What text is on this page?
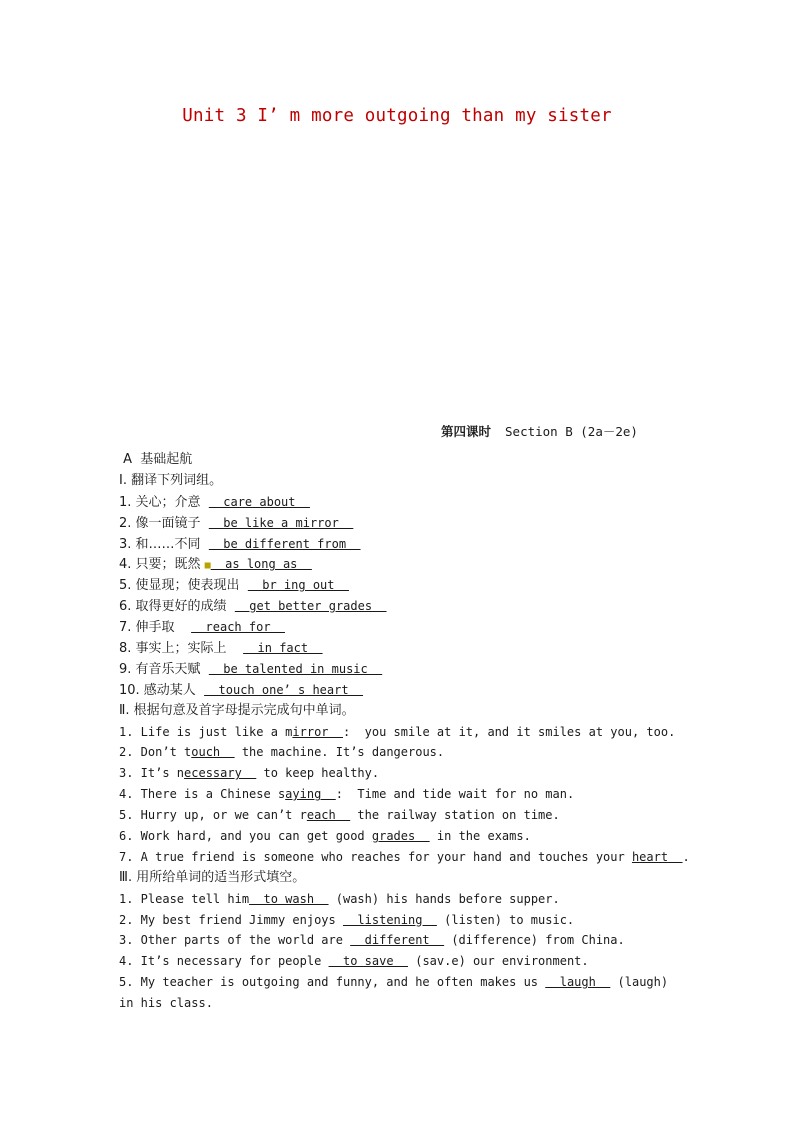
Unit 3 I’ m more outgoing than my sister
第四课时 Section B (2a－2e)
A  基础起航
Ⅰ. 翻译下列词组。
1. 关心；介意    care about
2. 像一面镜子    be like a mirror
3. 和……不同    be different from
4. 只要；既然 ■  as long as
5. 使显现；使表现出    br ing out
6. 取得更好的成绩    get better grades
7. 伸手取      reach for
8. 事实上；实际上      in fact
9. 有音乐天赋    be talented in music
10. 感动某人    touch one’ s heart
Ⅱ. 根据句意及首字母提示完成句中单词。
1. Life is just like a mirror  :  you smile at it, and it smiles at you, too.
2. Don’t touch   the machine. It’s dangerous.
3. It’s necessary   to keep healthy.
4. There is a Chinese saying  :  Time and tide wait for no man.
5. Hurry up, or we can’t reach   the railway station on time.
6. Work hard, and you can get good grades   in the exams.
7. A true friend is someone who reaches for your hand and touches your heart  .
Ⅲ. 用所给单词的适当形式填空。
1. Please tell him  to wash   (wash) his hands before supper.
2. My best friend Jimmy enjoys   listening   (listen) to music.
3. Other parts of the world are   different   (difference) from China.
4. It’s necessary for people   to save   (sav.e) our environment.
5. My teacher is outgoing and funny, and he often makes us   laugh   (laugh) in his class.
